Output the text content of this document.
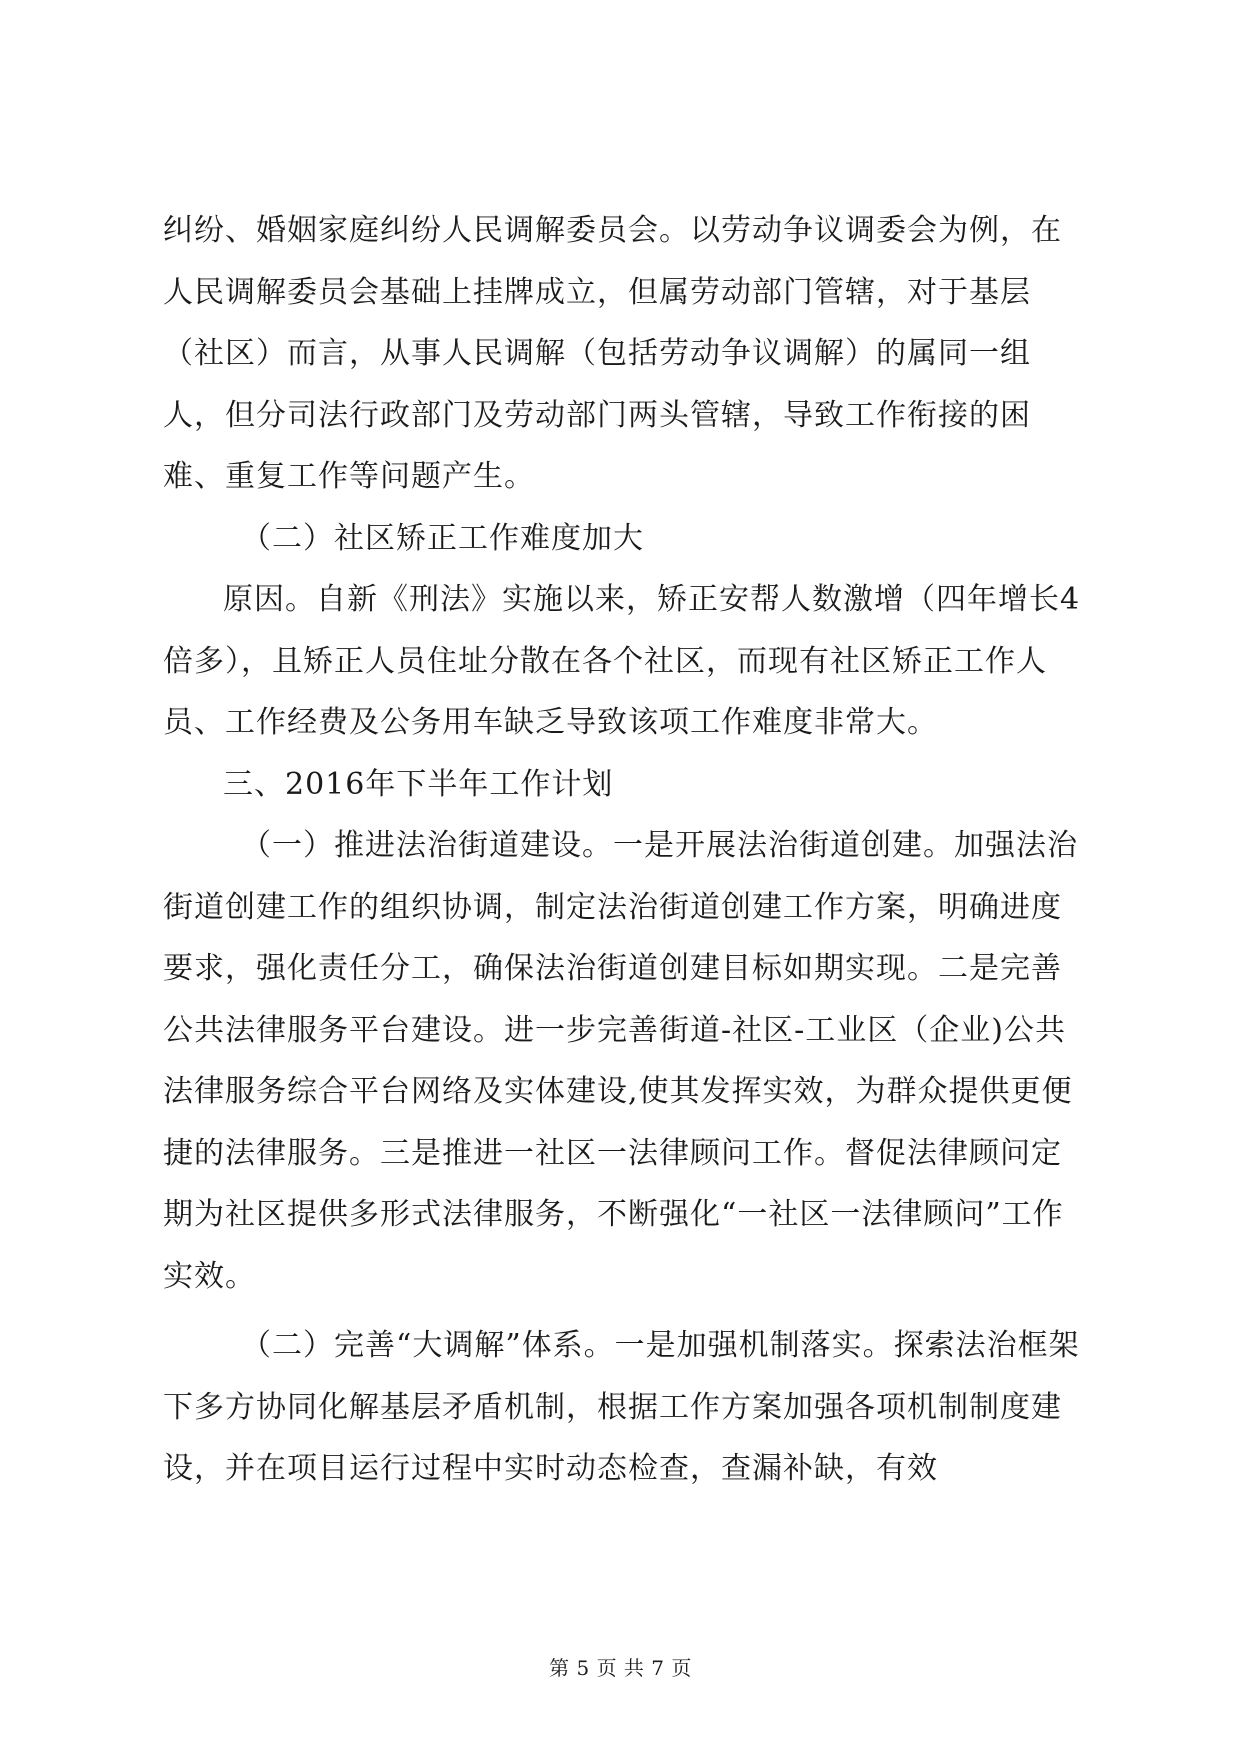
纠纷、婚姻家庭纠纷人民调解委员会。以劳动争议调委会为例，在人民调解委员会基础上挂牌成立，但属劳动部门管辖，对于基层（社区）而言，从事人民调解（包括劳动争议调解）的属同一组人，但分司法行政部门及劳动部门两头管辖，导致工作衔接的困难、重复工作等问题产生。

（二）社区矫正工作难度加大

原因。自新《刑法》实施以来，矫正安帮人数激增（四年增长4倍多），且矫正人员住址分散在各个社区，而现有社区矫正工作人员、工作经费及公务用车缺乏导致该项工作难度非常大。

三、2016年下半年工作计划

（一）推进法治街道建设。一是开展法治街道创建。加强法治街道创建工作的组织协调，制定法治街道创建工作方案，明确进度要求，强化责任分工，确保法治街道创建目标如期实现。二是完善公共法律服务平台建设。进一步完善街道-社区-工业区（企业)公共法律服务综合平台网络及实体建设,使其发挥实效，为群众提供更便捷的法律服务。三是推进一社区一法律顾问工作。督促法律顾问定期为社区提供多形式法律服务，不断强化“一社区一法律顾问”工作实效。

（二）完善“大调解”体系。一是加强机制落实。探索法治框架下多方协同化解基层矛盾机制，根据工作方案加强各项机制制度建设，并在项目运行过程中实时动态检查，查漏补缺，有效

第 5 页 共 7 页
